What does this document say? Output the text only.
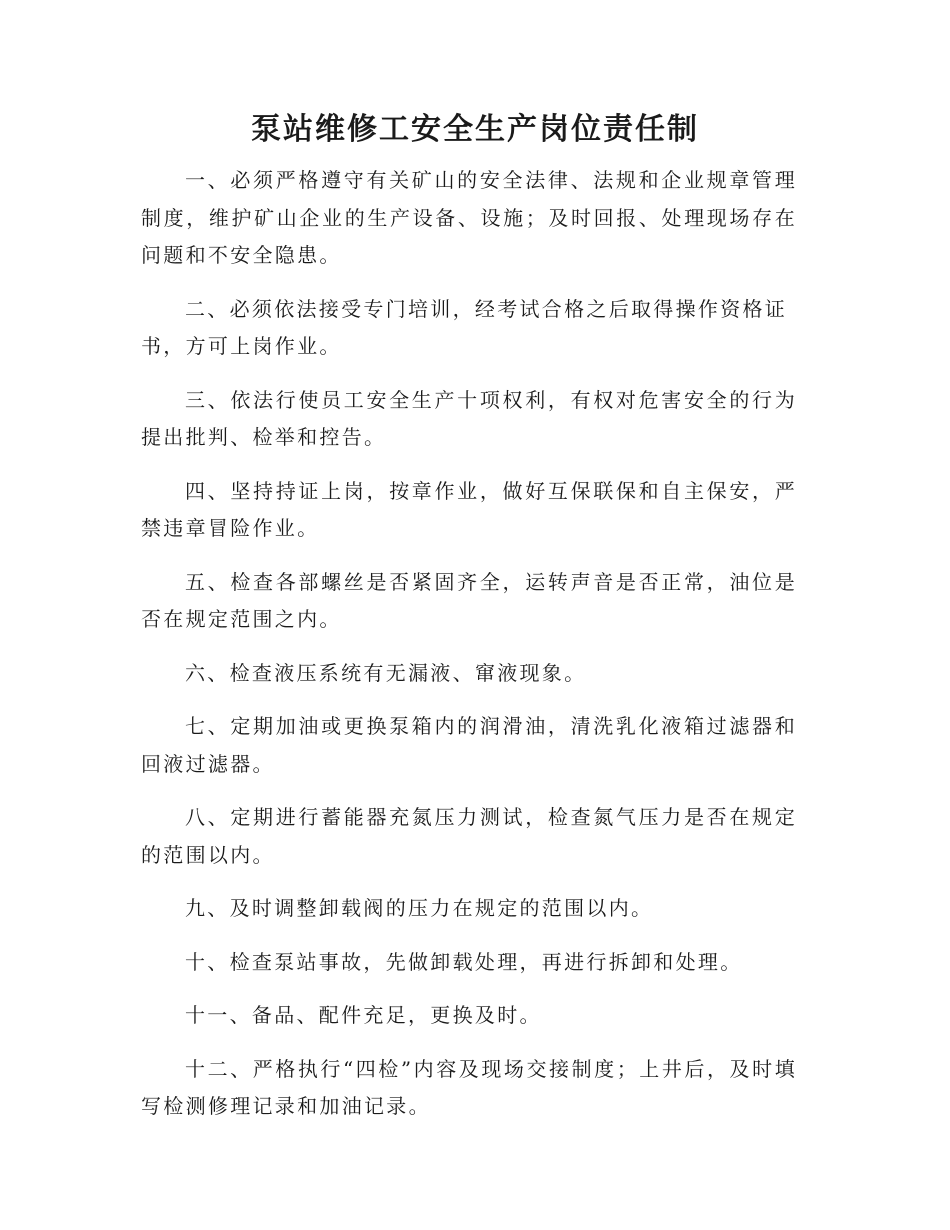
泵站维修工安全生产岗位责任制

一、必须严格遵守有关矿山的安全法律、法规和企业规章管理制度，维护矿山企业的生产设备、设施；及时回报、处理现场存在问题和不安全隐患。

二、必须依法接受专门培训，经考试合格之后取得操作资格证
书，方可上岗作业。

三、依法行使员工安全生产十项权利，有权对危害安全的行为提出批判、检举和控告。

四、坚持持证上岗，按章作业，做好互保联保和自主保安，严禁违章冒险作业。

五、检查各部螺丝是否紧固齐全，运转声音是否正常，油位是否在规定范围之内。

六、检查液压系统有无漏液、窜液现象。

七、定期加油或更换泵箱内的润滑油，清洗乳化液箱过滤器和回液过滤器。

八、定期进行蓄能器充氮压力测试，检查氮气压力是否在规定的范围以内。

九、及时调整卸载阀的压力在规定的范围以内。

十、检查泵站事故，先做卸载处理，再进行拆卸和处理。

十一、备品、配件充足，更换及时。

十二、严格执行“四检”内容及现场交接制度；上井后，及时填写检测修理记录和加油记录。
